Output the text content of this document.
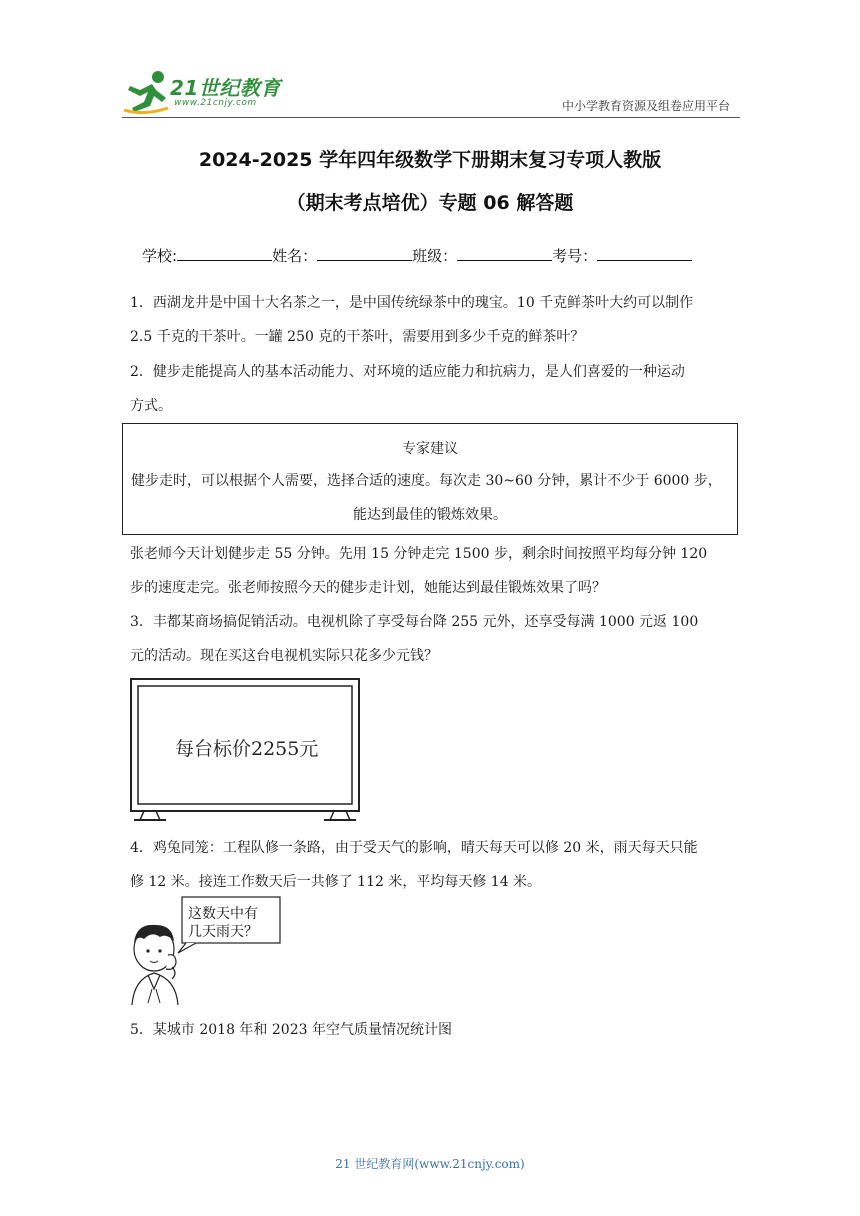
21世纪教育
www.21cnjy.com	中小学教育资源及组卷应用平台
2024-2025 学年四年级数学下册期末复习专项人教版
（期末考点培优）专题 06 解答题
学校:	姓名：	班级：	考号：
1．西湖龙井是中国十大名茶之一，是中国传统绿茶中的瑰宝。10 千克鲜茶叶大约可以制作
2.5 千克的干茶叶。一罐 250 克的干茶叶，需要用到多少千克的鲜茶叶？
2．健步走能提高人的基本活动能力、对环境的适应能力和抗病力，是人们喜爱的一种运动
方式。
专家建议
健步走时，可以根据个人需要，选择合适的速度。每次走 30~60 分钟，累计不少于 6000 步，
能达到最佳的锻炼效果。
张老师今天计划健步走 55 分钟。先用 15 分钟走完 1500 步，剩余时间按照平均每分钟 120
步的速度走完。张老师按照今天的健步走计划，她能达到最佳锻炼效果了吗？
3．丰都某商场搞促销活动。电视机除了享受每台降 255 元外，还享受每满 1000 元返 100
元的活动。现在买这台电视机实际只花多少元钱？
每台标价2255元
4．鸡兔同笼：工程队修一条路，由于受天气的影响，晴天每天可以修 20 米，雨天每天只能
修 12 米。接连工作数天后一共修了 112 米，平均每天修 14 米。
这数天中有
几天雨天？
5．某城市 2018 年和 2023 年空气质量情况统计图
21 世纪教育网(www.21cnjy.com)
